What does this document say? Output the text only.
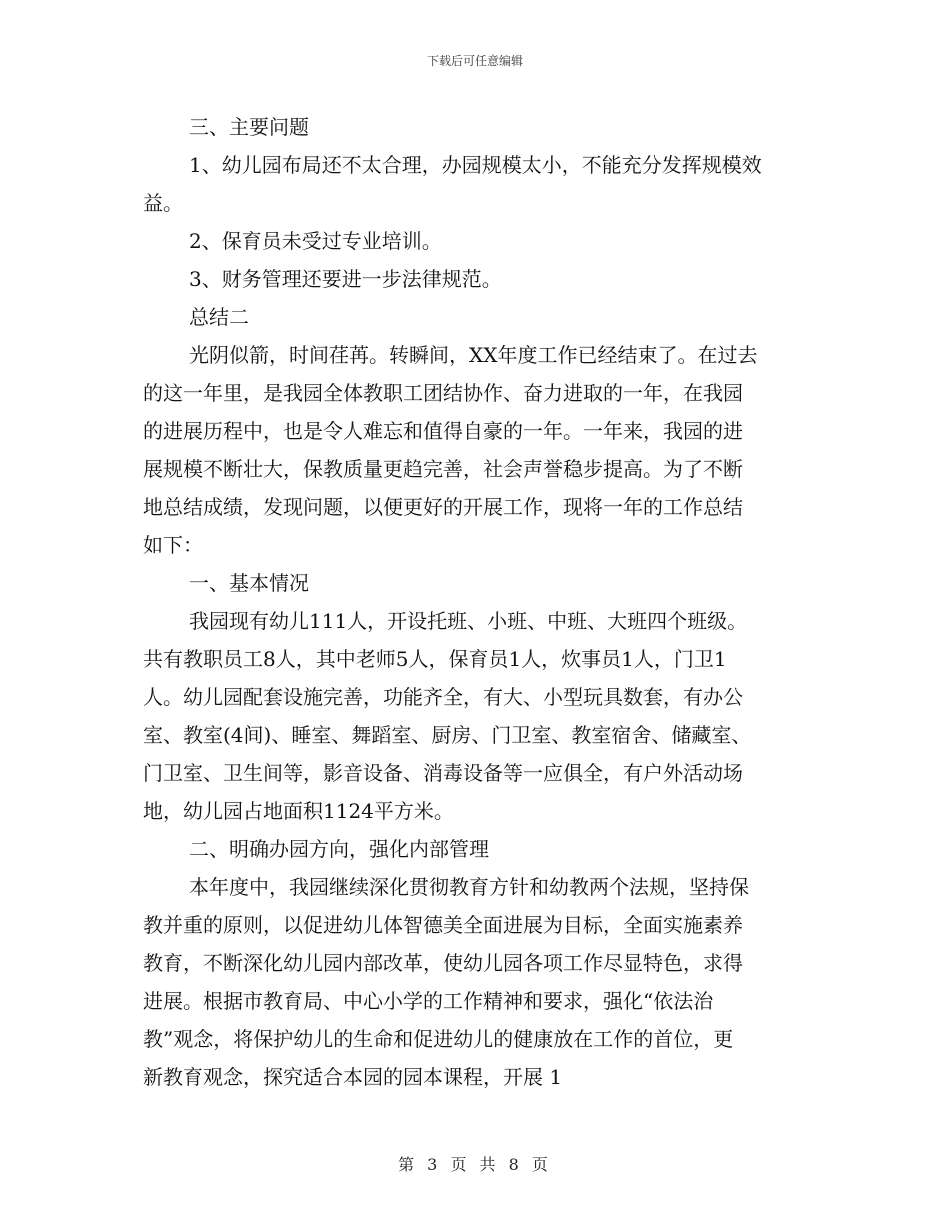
下载后可任意编辑
三、主要问题
1、幼儿园布局还不太合理，办园规模太小，不能充分发挥规模效
益。
2、保育员未受过专业培训。
3、财务管理还要进一步法律规范。
总结二
光阴似箭，时间荏苒。转瞬间，XX年度工作已经结束了。在过去
的这一年里，是我园全体教职工团结协作、奋力进取的一年，在我园
的进展历程中，也是令人难忘和值得自豪的一年。一年来，我园的进
展规模不断壮大，保教质量更趋完善，社会声誉稳步提高。为了不断
地总结成绩，发现问题，以便更好的开展工作，现将一年的工作总结
如下：
一、基本情况
我园现有幼儿111人，开设托班、小班、中班、大班四个班级。
共有教职员工8人，其中老师5人，保育员1人，炊事员1人，门卫1
人。幼儿园配套设施完善，功能齐全，有大、小型玩具数套，有办公
室、教室(4间)、睡室、舞蹈室、厨房、门卫室、教室宿舍、储藏室、
门卫室、卫生间等，影音设备、消毒设备等一应俱全，有户外活动场
地，幼儿园占地面积1124平方米。
二、明确办园方向，强化内部管理
本年度中，我园继续深化贯彻教育方针和幼教两个法规，坚持保
教并重的原则，以促进幼儿体智德美全面进展为目标，全面实施素养
教育，不断深化幼儿园内部改革，使幼儿园各项工作尽显特色，求得
进展。根据市教育局、中心小学的工作精神和要求，强化“依法治
教”观念，将保护幼儿的生命和促进幼儿的健康放在工作的首位，更
新教育观念，探究适合本园的园本课程，开展 1
第 3 页 共 8 页
